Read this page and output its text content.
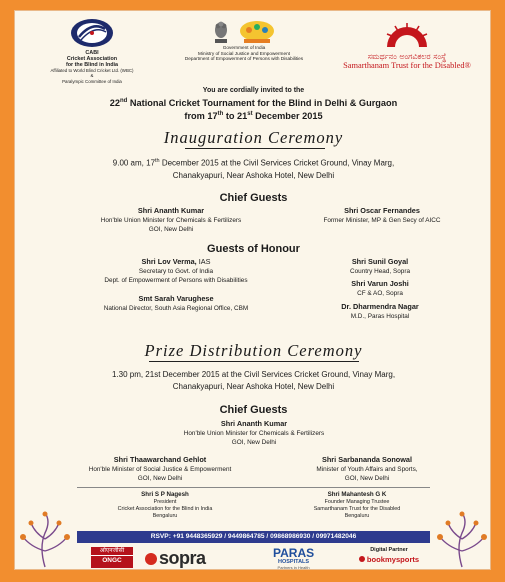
CABI
Cricket Association
for the Blind in India
Affiliated to World Blind Cricket Ltd. (WBC)
&
Paralympic Committee of India

Government of India
Ministry of Social Justice and Empowerment
Department of Empowerment of Persons with Disabilities	ಸಮರ್ಥನಂ ಅಂಗವಿಕಲರ ಸಂಸ್ಥೆ
Samarthanam Trust for the Disabled®
You are cordially invited to the
22nd National Cricket Tournament for the Blind in Delhi & Gurgaon
from 17th to 21st December 2015
Inauguration Ceremony
9.00 am, 17th December 2015 at the Civil Services Cricket Ground, Vinay Marg,
Chanakyapuri, Near Ashoka Hotel, New Delhi
Chief Guests
Shri Ananth Kumar
Hon'ble Union Minister for Chemicals & Fertilizers
GOI, New Delhi
Shri Oscar Fernandes
Former Minister, MP & Gen Secy of AICC
Guests of Honour
Shri Lov Verma, IAS
Secretary to Govt. of India
Dept. of Empowerment of Persons with Disabilities
Smt Sarah Varughese
National Director, South Asia Regional Office, CBM
Shri Sunil Goyal
Country Head, Sopra
Shri Varun Joshi
CF & AO, Sopra
Dr. Dharmendra Nagar
M.D., Paras Hospital
Prize Distribution Ceremony
1.30 pm, 21st December 2015 at the Civil Services Cricket Ground, Vinay Marg,
Chanakyapuri, Near Ashoka Hotel, New Delhi
Chief Guests
Shri Ananth Kumar
Hon'ble Union Minister for Chemicals & Fertilizers
GOI, New Delhi
Shri Thaawarchand Gehlot
Hon'ble Minister of Social Justice & Empowerment
GOI, New Delhi
Shri Sarbananda Sonowal
Minister of Youth Affairs and Sports,
GOI, New Delhi
Shri S P Nagesh
President
Cricket Association for the Blind in India
Bengaluru
Shri Mahantesh G K
Founder Managing Trustee
Samarthanam Trust for the Disabled
Bengaluru
RSVP: +91 9448365929 / 9449864785 / 09868986930 / 09971482046
ओएनजीसी
ONGC	sopra	PARAS
HOSPITALS
Partners in Health
Digital Partner
bookmysports
